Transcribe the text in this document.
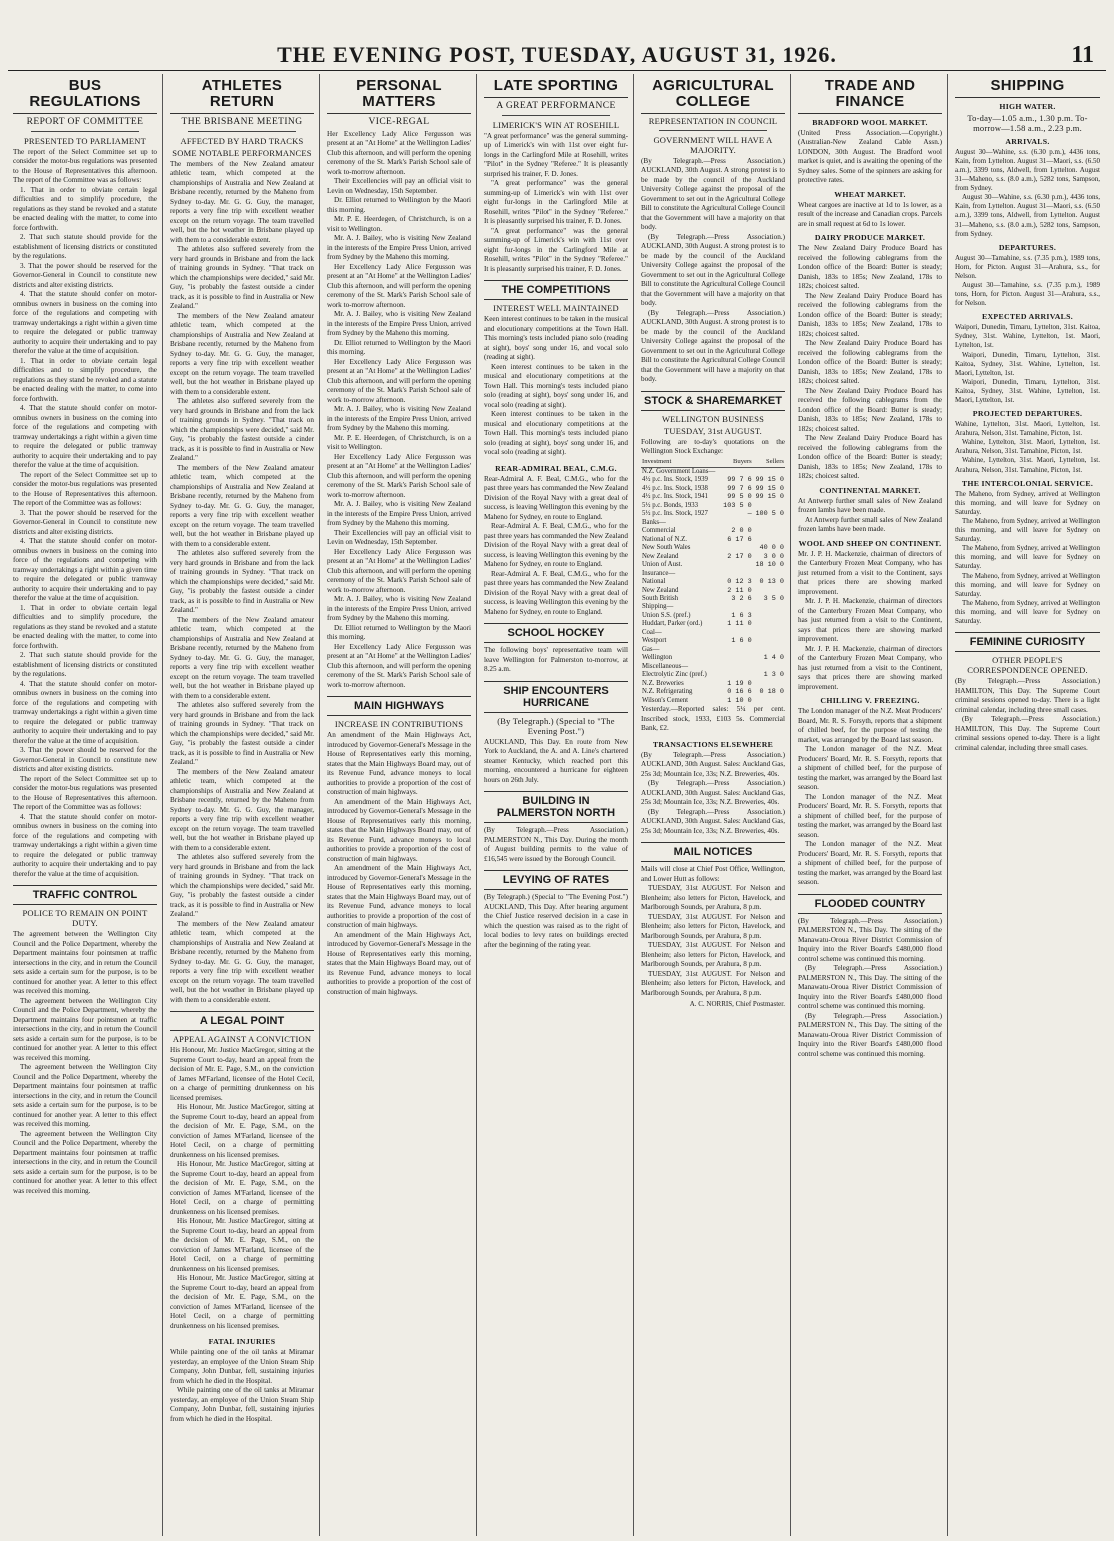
THE EVENING POST, TUESDAY, AUGUST 31, 1926.	11
BUS REGULATIONS
REPORT OF COMMITTEE
PRESENTED TO PARLIAMENT

The report of the Select Committee set up to consider the motor-bus regulations was presented to the House of Representatives this afternoon. The report of the Committee was as follows:

1. That in order to obviate certain legal difficulties and to simplify procedure, the regulations as they stand be revoked and a statute be enacted dealing with the matter, to come into force forthwith.

2. That such statute should provide for the establishment of licensing districts or constituted by the regulations.

3. That the power should be reserved for the Governor-General in Council to constitute new districts and alter existing districts.

4. That the statute should confer on motor-omnibus owners in business on the coming into force of the regulations and competing with tramway undertakings a right within a given time to require the delegated or public tramway authority to acquire their undertaking and to pay therefor the value at the time of acquisition.

1. That in order to obviate certain legal difficulties and to simplify procedure, the regulations as they stand be revoked and a statute be enacted dealing with the matter, to come into force forthwith.

4. That the statute should confer on motor-omnibus owners in business on the coming into force of the regulations and competing with tramway undertakings a right within a given time to require the delegated or public tramway authority to acquire their undertaking and to pay therefor the value at the time of acquisition.

The report of the Select Committee set up to consider the motor-bus regulations was presented to the House of Representatives this afternoon. The report of the Committee was as follows:

3. That the power should be reserved for the Governor-General in Council to constitute new districts and alter existing districts.

4. That the statute should confer on motor-omnibus owners in business on the coming into force of the regulations and competing with tramway undertakings a right within a given time to require the delegated or public tramway authority to acquire their undertaking and to pay therefor the value at the time of acquisition.

1. That in order to obviate certain legal difficulties and to simplify procedure, the regulations as they stand be revoked and a statute be enacted dealing with the matter, to come into force forthwith.

2. That such statute should provide for the establishment of licensing districts or constituted by the regulations.

4. That the statute should confer on motor-omnibus owners in business on the coming into force of the regulations and competing with tramway undertakings a right within a given time to require the delegated or public tramway authority to acquire their undertaking and to pay therefor the value at the time of acquisition.

3. That the power should be reserved for the Governor-General in Council to constitute new districts and alter existing districts.

The report of the Select Committee set up to consider the motor-bus regulations was presented to the House of Representatives this afternoon. The report of the Committee was as follows:

4. That the statute should confer on motor-omnibus owners in business on the coming into force of the regulations and competing with tramway undertakings a right within a given time to require the delegated or public tramway authority to acquire their undertaking and to pay therefor the value at the time of acquisition.

TRAFFIC CONTROL
POLICE TO REMAIN ON POINT DUTY.

The agreement between the Wellington City Council and the Police Department, whereby the Department maintains four pointsmen at traffic intersections in the city, and in return the Council sets aside a certain sum for the purpose, is to be continued for another year. A letter to this effect was received this morning.

The agreement between the Wellington City Council and the Police Department, whereby the Department maintains four pointsmen at traffic intersections in the city, and in return the Council sets aside a certain sum for the purpose, is to be continued for another year. A letter to this effect was received this morning.

The agreement between the Wellington City Council and the Police Department, whereby the Department maintains four pointsmen at traffic intersections in the city, and in return the Council sets aside a certain sum for the purpose, is to be continued for another year. A letter to this effect was received this morning.

The agreement between the Wellington City Council and the Police Department, whereby the Department maintains four pointsmen at traffic intersections in the city, and in return the Council sets aside a certain sum for the purpose, is to be continued for another year. A letter to this effect was received this morning.

ATHLETES RETURN
THE BRISBANE MEETING
AFFECTED BY HARD TRACKS
SOME NOTABLE PERFORMANCES

The members of the New Zealand amateur athletic team, which competed at the championships of Australia and New Zealand at Brisbane recently, returned by the Maheno from Sydney to-day. Mr. G. G. Guy, the manager, reports a very fine trip with excellent weather except on the return voyage. The team travelled well, but the hot weather in Brisbane played up with them to a considerable extent.

The athletes also suffered severely from the very hard grounds in Brisbane and from the lack of training grounds in Sydney. "That track on which the championships were decided," said Mr. Guy, "is probably the fastest outside a cinder track, as it is possible to find in Australia or New Zealand."

The members of the New Zealand amateur athletic team, which competed at the championships of Australia and New Zealand at Brisbane recently, returned by the Maheno from Sydney to-day. Mr. G. G. Guy, the manager, reports a very fine trip with excellent weather except on the return voyage. The team travelled well, but the hot weather in Brisbane played up with them to a considerable extent.

The athletes also suffered severely from the very hard grounds in Brisbane and from the lack of training grounds in Sydney. "That track on which the championships were decided," said Mr. Guy, "is probably the fastest outside a cinder track, as it is possible to find in Australia or New Zealand."

The members of the New Zealand amateur athletic team, which competed at the championships of Australia and New Zealand at Brisbane recently, returned by the Maheno from Sydney to-day. Mr. G. G. Guy, the manager, reports a very fine trip with excellent weather except on the return voyage. The team travelled well, but the hot weather in Brisbane played up with them to a considerable extent.

The athletes also suffered severely from the very hard grounds in Brisbane and from the lack of training grounds in Sydney. "That track on which the championships were decided," said Mr. Guy, "is probably the fastest outside a cinder track, as it is possible to find in Australia or New Zealand."

The members of the New Zealand amateur athletic team, which competed at the championships of Australia and New Zealand at Brisbane recently, returned by the Maheno from Sydney to-day. Mr. G. G. Guy, the manager, reports a very fine trip with excellent weather except on the return voyage. The team travelled well, but the hot weather in Brisbane played up with them to a considerable extent.

The athletes also suffered severely from the very hard grounds in Brisbane and from the lack of training grounds in Sydney. "That track on which the championships were decided," said Mr. Guy, "is probably the fastest outside a cinder track, as it is possible to find in Australia or New Zealand."

The members of the New Zealand amateur athletic team, which competed at the championships of Australia and New Zealand at Brisbane recently, returned by the Maheno from Sydney to-day. Mr. G. G. Guy, the manager, reports a very fine trip with excellent weather except on the return voyage. The team travelled well, but the hot weather in Brisbane played up with them to a considerable extent.

The athletes also suffered severely from the very hard grounds in Brisbane and from the lack of training grounds in Sydney. "That track on which the championships were decided," said Mr. Guy, "is probably the fastest outside a cinder track, as it is possible to find in Australia or New Zealand."

The members of the New Zealand amateur athletic team, which competed at the championships of Australia and New Zealand at Brisbane recently, returned by the Maheno from Sydney to-day. Mr. G. G. Guy, the manager, reports a very fine trip with excellent weather except on the return voyage. The team travelled well, but the hot weather in Brisbane played up with them to a considerable extent.

A LEGAL POINT
APPEAL AGAINST A CONVICTION

His Honour, Mr. Justice MacGregor, sitting at the Supreme Court to-day, heard an appeal from the decision of Mr. E. Page, S.M., on the conviction of James M'Farland, licensee of the Hotel Cecil, on a charge of permitting drunkenness on his licensed premises.

His Honour, Mr. Justice MacGregor, sitting at the Supreme Court to-day, heard an appeal from the decision of Mr. E. Page, S.M., on the conviction of James M'Farland, licensee of the Hotel Cecil, on a charge of permitting drunkenness on his licensed premises.

His Honour, Mr. Justice MacGregor, sitting at the Supreme Court to-day, heard an appeal from the decision of Mr. E. Page, S.M., on the conviction of James M'Farland, licensee of the Hotel Cecil, on a charge of permitting drunkenness on his licensed premises.

His Honour, Mr. Justice MacGregor, sitting at the Supreme Court to-day, heard an appeal from the decision of Mr. E. Page, S.M., on the conviction of James M'Farland, licensee of the Hotel Cecil, on a charge of permitting drunkenness on his licensed premises.

His Honour, Mr. Justice MacGregor, sitting at the Supreme Court to-day, heard an appeal from the decision of Mr. E. Page, S.M., on the conviction of James M'Farland, licensee of the Hotel Cecil, on a charge of permitting drunkenness on his licensed premises.

FATAL INJURIES

While painting one of the oil tanks at Miramar yesterday, an employee of the Union Steam Ship Company, John Dunbar, fell, sustaining injuries from which he died in the Hospital.

While painting one of the oil tanks at Miramar yesterday, an employee of the Union Steam Ship Company, John Dunbar, fell, sustaining injuries from which he died in the Hospital.

PERSONAL MATTERS
VICE-REGAL

Her Excellency Lady Alice Fergusson was present at an "At Home" at the Wellington Ladies' Club this afternoon, and will perform the opening ceremony of the St. Mark's Parish School sale of work to-morrow afternoon.

Their Excellencies will pay an official visit to Levin on Wednesday, 15th September.

Dr. Elliot returned to Wellington by the Maori this morning.

Mr. P. E. Heerdegen, of Christchurch, is on a visit to Wellington.

Mr. A. J. Bailey, who is visiting New Zealand in the interests of the Empire Press Union, arrived from Sydney by the Maheno this morning.

Her Excellency Lady Alice Fergusson was present at an "At Home" at the Wellington Ladies' Club this afternoon, and will perform the opening ceremony of the St. Mark's Parish School sale of work to-morrow afternoon.

Mr. A. J. Bailey, who is visiting New Zealand in the interests of the Empire Press Union, arrived from Sydney by the Maheno this morning.

Dr. Elliot returned to Wellington by the Maori this morning.

Her Excellency Lady Alice Fergusson was present at an "At Home" at the Wellington Ladies' Club this afternoon, and will perform the opening ceremony of the St. Mark's Parish School sale of work to-morrow afternoon.

Mr. A. J. Bailey, who is visiting New Zealand in the interests of the Empire Press Union, arrived from Sydney by the Maheno this morning.

Mr. P. E. Heerdegen, of Christchurch, is on a visit to Wellington.

Her Excellency Lady Alice Fergusson was present at an "At Home" at the Wellington Ladies' Club this afternoon, and will perform the opening ceremony of the St. Mark's Parish School sale of work to-morrow afternoon.

Mr. A. J. Bailey, who is visiting New Zealand in the interests of the Empire Press Union, arrived from Sydney by the Maheno this morning.

Their Excellencies will pay an official visit to Levin on Wednesday, 15th September.

Her Excellency Lady Alice Fergusson was present at an "At Home" at the Wellington Ladies' Club this afternoon, and will perform the opening ceremony of the St. Mark's Parish School sale of work to-morrow afternoon.

Mr. A. J. Bailey, who is visiting New Zealand in the interests of the Empire Press Union, arrived from Sydney by the Maheno this morning.

Dr. Elliot returned to Wellington by the Maori this morning.

Her Excellency Lady Alice Fergusson was present at an "At Home" at the Wellington Ladies' Club this afternoon, and will perform the opening ceremony of the St. Mark's Parish School sale of work to-morrow afternoon.

MAIN HIGHWAYS
INCREASE IN CONTRIBUTIONS

An amendment of the Main Highways Act, introduced by Governor-General's Message in the House of Representatives early this morning, states that the Main Highways Board may, out of its Revenue Fund, advance moneys to local authorities to provide a proportion of the cost of construction of main highways.

An amendment of the Main Highways Act, introduced by Governor-General's Message in the House of Representatives early this morning, states that the Main Highways Board may, out of its Revenue Fund, advance moneys to local authorities to provide a proportion of the cost of construction of main highways.

An amendment of the Main Highways Act, introduced by Governor-General's Message in the House of Representatives early this morning, states that the Main Highways Board may, out of its Revenue Fund, advance moneys to local authorities to provide a proportion of the cost of construction of main highways.

An amendment of the Main Highways Act, introduced by Governor-General's Message in the House of Representatives early this morning, states that the Main Highways Board may, out of its Revenue Fund, advance moneys to local authorities to provide a proportion of the cost of construction of main highways.

LATE SPORTING
A GREAT PERFORMANCE
LIMERICK'S WIN AT ROSEHILL

"A great performance" was the general summing-up of Limerick's win with 11st over eight fur-longs in the Carlingford Mile at Rosehill, writes "Pilot" in the Sydney "Referee." It is pleasantly surprised his trainer, F. D. Jones.

"A great performance" was the general summing-up of Limerick's win with 11st over eight fur-longs in the Carlingford Mile at Rosehill, writes "Pilot" in the Sydney "Referee." It is pleasantly surprised his trainer, F. D. Jones.

"A great performance" was the general summing-up of Limerick's win with 11st over eight fur-longs in the Carlingford Mile at Rosehill, writes "Pilot" in the Sydney "Referee." It is pleasantly surprised his trainer, F. D. Jones.

THE COMPETITIONS
INTEREST WELL MAINTAINED

Keen interest continues to be taken in the musical and elocutionary competitions at the Town Hall. This morning's tests included piano solo (reading at sight), boys' song under 16, and vocal solo (reading at sight).

Keen interest continues to be taken in the musical and elocutionary competitions at the Town Hall. This morning's tests included piano solo (reading at sight), boys' song under 16, and vocal solo (reading at sight).

Keen interest continues to be taken in the musical and elocutionary competitions at the Town Hall. This morning's tests included piano solo (reading at sight), boys' song under 16, and vocal solo (reading at sight).

REAR-ADMIRAL BEAL, C.M.G.

Rear-Admiral A. F. Beal, C.M.G., who for the past three years has commanded the New Zealand Division of the Royal Navy with a great deal of success, is leaving Wellington this evening by the Maheno for Sydney, en route to England.

Rear-Admiral A. F. Beal, C.M.G., who for the past three years has commanded the New Zealand Division of the Royal Navy with a great deal of success, is leaving Wellington this evening by the Maheno for Sydney, en route to England.

Rear-Admiral A. F. Beal, C.M.G., who for the past three years has commanded the New Zealand Division of the Royal Navy with a great deal of success, is leaving Wellington this evening by the Maheno for Sydney, en route to England.

SCHOOL HOCKEY

The following boys' representative team will leave Wellington for Palmerston to-morrow, at 8.25 a.m.

SHIP ENCOUNTERS HURRICANE
(By Telegraph.) (Special to "The Evening Post.")

AUCKLAND, This Day. En route from New York to Auckland, the A. and A. Line's chartered steamer Kentucky, which reached port this morning, encountered a hurricane for eighteen hours on 26th July.

BUILDING IN PALMERSTON NORTH

(By Telegraph.—Press Association.) PALMERSTON N., This Day. During the month of August building permits to the value of £16,545 were issued by the Borough Council.

LEVYING OF RATES

(By Telegraph.) (Special to "The Evening Post.") AUCKLAND, This Day. After hearing argument the Chief Justice reserved decision in a case in which the question was raised as to the right of local bodies to levy rates on buildings erected after the beginning of the rating year.

AGRICULTURAL COLLEGE
REPRESENTATION IN COUNCIL
GOVERNMENT WILL HAVE A MAJORITY.

(By Telegraph.—Press Association.) AUCKLAND, 30th August. A strong protest is to be made by the council of the Auckland University College against the proposal of the Government to set out in the Agricultural College Bill to constitute the Agricultural College Council that the Government will have a majority on that body.

(By Telegraph.—Press Association.) AUCKLAND, 30th August. A strong protest is to be made by the council of the Auckland University College against the proposal of the Government to set out in the Agricultural College Bill to constitute the Agricultural College Council that the Government will have a majority on that body.

(By Telegraph.—Press Association.) AUCKLAND, 30th August. A strong protest is to be made by the council of the Auckland University College against the proposal of the Government to set out in the Agricultural College Bill to constitute the Agricultural College Council that the Government will have a majority on that body.

STOCK & SHAREMARKET
WELLINGTON BUSINESS
TUESDAY, 31st AUGUST.

Following are to-day's quotations on the Wellington Stock Exchange:

Investment	Buyers	Sellers
N.Z. Government Loans—		
4½ p.c. Ins. Stock, 1939	99 7 6	99 15 0
4½ p.c. Ins. Stock, 1938	99 7 6	99 15 0
4½ p.c. Ins. Stock, 1941	99 5 0	99 15 0
5½ p.c. Bonds, 1933	103 5 0	
5½ p.c. Ins. Stock, 1927	—	100 5 0
Banks—		
Commercial	2 0 0	
National of N.Z.	6 17 6	
New South Wales		40 0 0
New Zealand	2 17 0	3 0 0
Union of Aust.		18 10 0
Insurance—		
National	0 12 3	0 13 0
New Zealand	2 11 0	
South British	3 2 6	3 5 0
Shipping—		
Union S.S. (pref.)	1 6 3	
Huddart, Parker (ord.)	1 11 0	
Coal—		
Westport	1 6 0	
Gas—		
Wellington		1 4 0
Miscellaneous—		
Electrolytic Zinc (pref.)		1 3 0
N.Z. Breweries	1 19 0	
N.Z. Refrigerating	0 16 6	0 18 0
Wilson's Cement	1 10 0	

Yesterday.—Reported sales: 5¼ per cent. Inscribed stock, 1933, £103 5s. Commercial Bank, £2.

TRANSACTIONS ELSEWHERE

(By Telegraph.—Press Association.) AUCKLAND, 30th August. Sales: Auckland Gas, 25s 3d; Mountain Ice, 33s; N.Z. Breweries, 40s.

(By Telegraph.—Press Association.) AUCKLAND, 30th August. Sales: Auckland Gas, 25s 3d; Mountain Ice, 33s; N.Z. Breweries, 40s.

(By Telegraph.—Press Association.) AUCKLAND, 30th August. Sales: Auckland Gas, 25s 3d; Mountain Ice, 33s; N.Z. Breweries, 40s.

MAIL NOTICES

Mails will close at Chief Post Office, Wellington, and Lower Hutt as follows:

TUESDAY, 31st AUGUST. For Nelson and Blenheim; also letters for Picton, Havelock, and Marlborough Sounds, per Arahura, 8 p.m.

TUESDAY, 31st AUGUST. For Nelson and Blenheim; also letters for Picton, Havelock, and Marlborough Sounds, per Arahura, 8 p.m.

TUESDAY, 31st AUGUST. For Nelson and Blenheim; also letters for Picton, Havelock, and Marlborough Sounds, per Arahura, 8 p.m.

TUESDAY, 31st AUGUST. For Nelson and Blenheim; also letters for Picton, Havelock, and Marlborough Sounds, per Arahura, 8 p.m.

A. C. NORRIS, Chief Postmaster.
TRADE AND FINANCE
BRADFORD WOOL MARKET.

(United Press Association.—Copyright.) (Australian-New Zealand Cable Assn.) LONDON, 30th August. The Bradford wool market is quiet, and is awaiting the opening of the Sydney sales. Some of the spinners are asking for protective rates.

WHEAT MARKET.

Wheat cargoes are inactive at 1d to 1s lower, as a result of the increase and Canadian crops. Parcels are in small request at 6d to 1s lower.

DAIRY PRODUCE MARKET.

The New Zealand Dairy Produce Board has received the following cablegrams from the London office of the Board: Butter is steady; Danish, 183s to 185s; New Zealand, 178s to 182s; choicest salted.

The New Zealand Dairy Produce Board has received the following cablegrams from the London office of the Board: Butter is steady; Danish, 183s to 185s; New Zealand, 178s to 182s; choicest salted.

The New Zealand Dairy Produce Board has received the following cablegrams from the London office of the Board: Butter is steady; Danish, 183s to 185s; New Zealand, 178s to 182s; choicest salted.

The New Zealand Dairy Produce Board has received the following cablegrams from the London office of the Board: Butter is steady; Danish, 183s to 185s; New Zealand, 178s to 182s; choicest salted.

The New Zealand Dairy Produce Board has received the following cablegrams from the London office of the Board: Butter is steady; Danish, 183s to 185s; New Zealand, 178s to 182s; choicest salted.

CONTINENTAL MARKET.

At Antwerp further small sales of New Zealand frozen lambs have been made.

At Antwerp further small sales of New Zealand frozen lambs have been made.

WOOL AND SHEEP ON CONTINENT.

Mr. J. P. H. Mackenzie, chairman of directors of the Canterbury Frozen Meat Company, who has just returned from a visit to the Continent, says that prices there are showing marked improvement.

Mr. J. P. H. Mackenzie, chairman of directors of the Canterbury Frozen Meat Company, who has just returned from a visit to the Continent, says that prices there are showing marked improvement.

Mr. J. P. H. Mackenzie, chairman of directors of the Canterbury Frozen Meat Company, who has just returned from a visit to the Continent, says that prices there are showing marked improvement.

CHILLING V. FREEZING.

The London manager of the N.Z. Meat Producers' Board, Mr. R. S. Forsyth, reports that a shipment of chilled beef, for the purpose of testing the market, was arranged by the Board last season.

The London manager of the N.Z. Meat Producers' Board, Mr. R. S. Forsyth, reports that a shipment of chilled beef, for the purpose of testing the market, was arranged by the Board last season.

The London manager of the N.Z. Meat Producers' Board, Mr. R. S. Forsyth, reports that a shipment of chilled beef, for the purpose of testing the market, was arranged by the Board last season.

The London manager of the N.Z. Meat Producers' Board, Mr. R. S. Forsyth, reports that a shipment of chilled beef, for the purpose of testing the market, was arranged by the Board last season.

FLOODED COUNTRY

(By Telegraph.—Press Association.) PALMERSTON N., This Day. The sitting of the Manawatu-Oroua River District Commission of Inquiry into the River Board's £480,000 flood control scheme was continued this morning.

(By Telegraph.—Press Association.) PALMERSTON N., This Day. The sitting of the Manawatu-Oroua River District Commission of Inquiry into the River Board's £480,000 flood control scheme was continued this morning.

(By Telegraph.—Press Association.) PALMERSTON N., This Day. The sitting of the Manawatu-Oroua River District Commission of Inquiry into the River Board's £480,000 flood control scheme was continued this morning.

SHIPPING
HIGH WATER.
To-day—1.05 a.m., 1.30 p.m. To-morrow—1.58 a.m., 2.23 p.m.
ARRIVALS.

August 30—Wahine, s.s. (6.30 p.m.), 4436 tons, Kain, from Lyttelton. August 31—Maori, s.s. (6.50 a.m.), 3399 tons, Aldwell, from Lyttelton. August 31—Maheno, s.s. (8.0 a.m.), 5282 tons, Sampson, from Sydney.

August 30—Wahine, s.s. (6.30 p.m.), 4436 tons, Kain, from Lyttelton. August 31—Maori, s.s. (6.50 a.m.), 3399 tons, Aldwell, from Lyttelton. August 31—Maheno, s.s. (8.0 a.m.), 5282 tons, Sampson, from Sydney.

DEPARTURES.

August 30—Tamahine, s.s. (7.35 p.m.), 1989 tons, Horn, for Picton. August 31—Arahura, s.s., for Nelson.

August 30—Tamahine, s.s. (7.35 p.m.), 1989 tons, Horn, for Picton. August 31—Arahura, s.s., for Nelson.

EXPECTED ARRIVALS.

Waipori, Dunedin, Timaru, Lyttelton, 31st. Kaitoa, Sydney, 31st. Wahine, Lyttelton, 1st. Maori, Lyttelton, 1st.

Waipori, Dunedin, Timaru, Lyttelton, 31st. Kaitoa, Sydney, 31st. Wahine, Lyttelton, 1st. Maori, Lyttelton, 1st.

Waipori, Dunedin, Timaru, Lyttelton, 31st. Kaitoa, Sydney, 31st. Wahine, Lyttelton, 1st. Maori, Lyttelton, 1st.

PROJECTED DEPARTURES.

Wahine, Lyttelton, 31st. Maori, Lyttelton, 1st. Arahura, Nelson, 31st. Tamahine, Picton, 1st.

Wahine, Lyttelton, 31st. Maori, Lyttelton, 1st. Arahura, Nelson, 31st. Tamahine, Picton, 1st.

Wahine, Lyttelton, 31st. Maori, Lyttelton, 1st. Arahura, Nelson, 31st. Tamahine, Picton, 1st.

THE INTERCOLONIAL SERVICE.

The Maheno, from Sydney, arrived at Wellington this morning, and will leave for Sydney on Saturday.

The Maheno, from Sydney, arrived at Wellington this morning, and will leave for Sydney on Saturday.

The Maheno, from Sydney, arrived at Wellington this morning, and will leave for Sydney on Saturday.

The Maheno, from Sydney, arrived at Wellington this morning, and will leave for Sydney on Saturday.

The Maheno, from Sydney, arrived at Wellington this morning, and will leave for Sydney on Saturday.

FEMININE CURIOSITY
OTHER PEOPLE'S CORRESPONDENCE OPENED.

(By Telegraph.—Press Association.) HAMILTON, This Day. The Supreme Court criminal sessions opened to-day. There is a light criminal calendar, including three small cases.

(By Telegraph.—Press Association.) HAMILTON, This Day. The Supreme Court criminal sessions opened to-day. There is a light criminal calendar, including three small cases.
